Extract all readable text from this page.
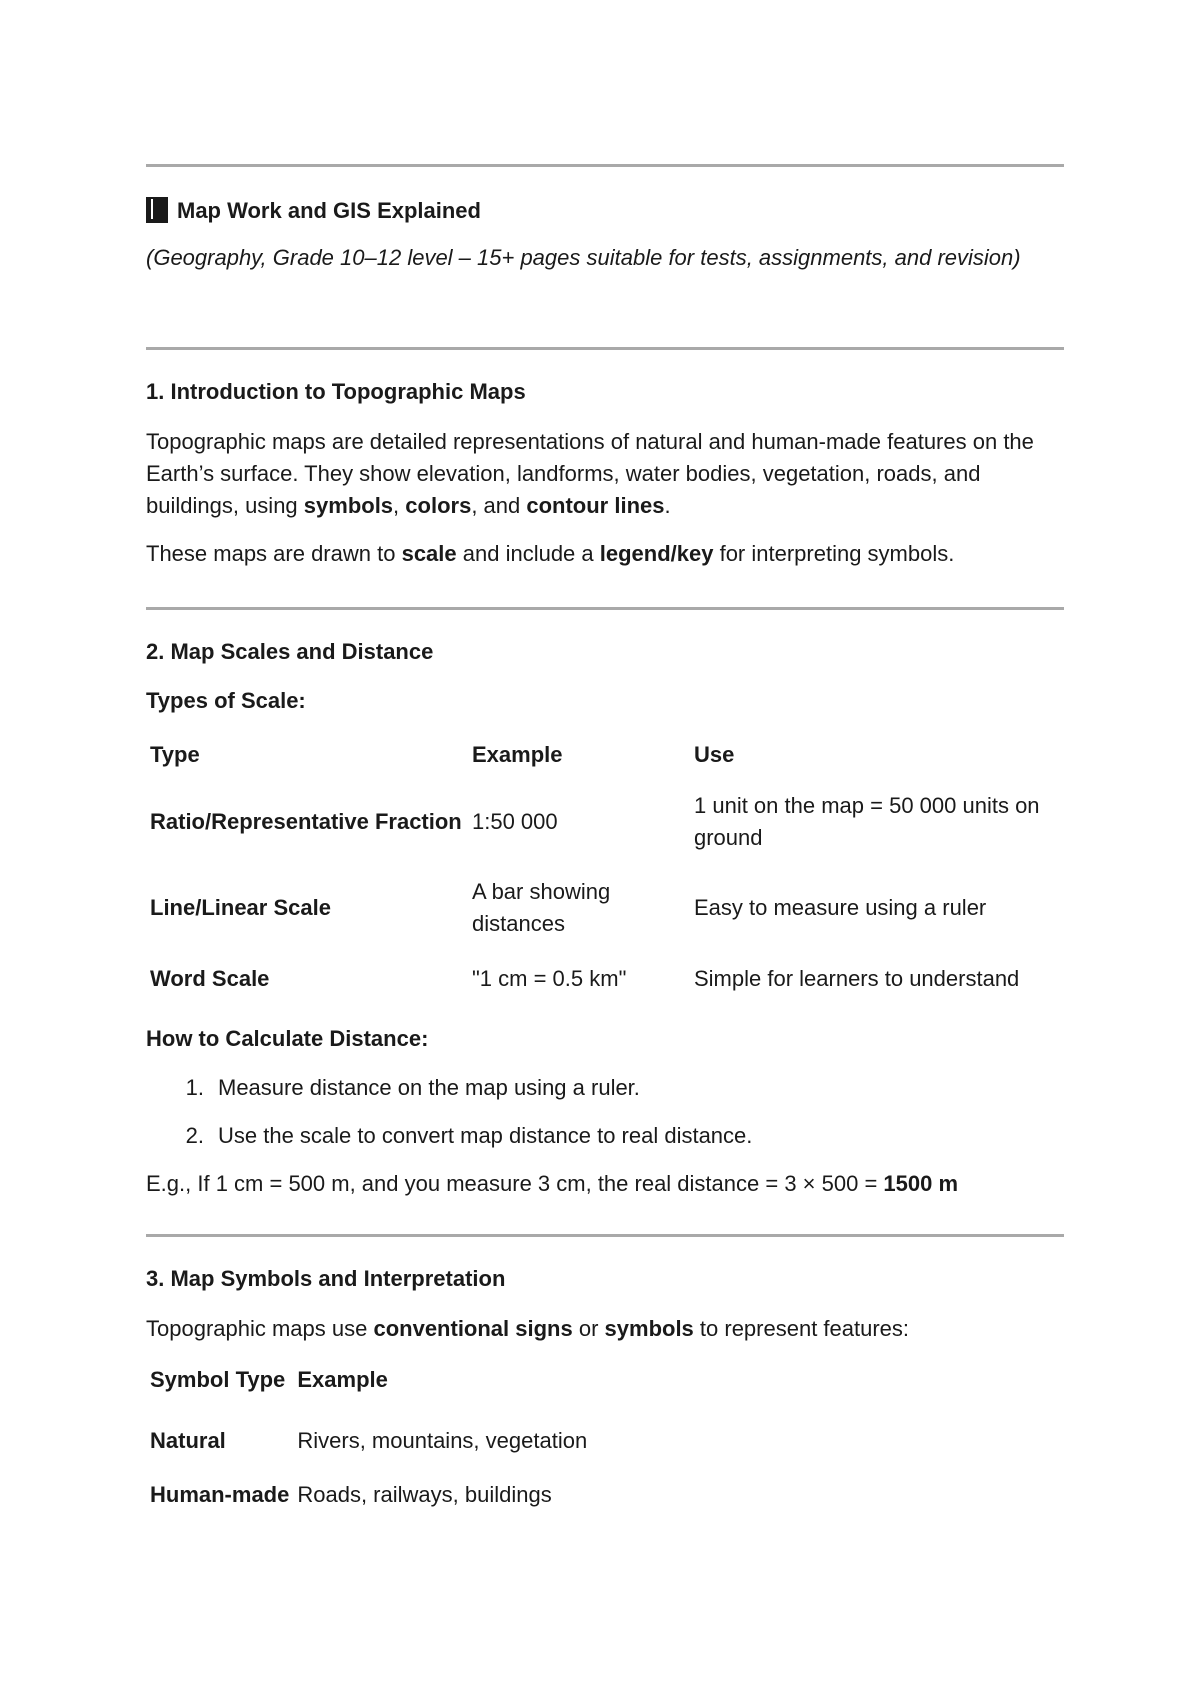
Map Work and GIS Explained

(Geography, Grade 10–12 level – 15+ pages suitable for tests, assignments, and revision)

1. Introduction to Topographic Maps

Topographic maps are detailed representations of natural and human-made features on the Earth’s surface. They show elevation, landforms, water bodies, vegetation, roads, and buildings, using symbols, colors, and contour lines.

These maps are drawn to scale and include a legend/key for interpreting symbols.

2. Map Scales and Distance

Types of Scale:

Type	Example	Use

Ratio/Representative Fraction	1:50 000	1 unit on the map = 50 000 units on ground
Line/Linear Scale	A bar showing distances	Easy to measure using a ruler
Word Scale	"1 cm = 0.5 km"	Simple for learners to understand

How to Calculate Distance:

1. Measure distance on the map using a ruler.
2. Use the scale to convert map distance to real distance.

E.g., If 1 cm = 500 m, and you measure 3 cm, the real distance = 3 × 500 = 1500 m

3. Map Symbols and Interpretation

Topographic maps use conventional signs or symbols to represent features:

Symbol Type	Example

Natural	Rivers, mountains, vegetation
Human-made	Roads, railways, buildings
